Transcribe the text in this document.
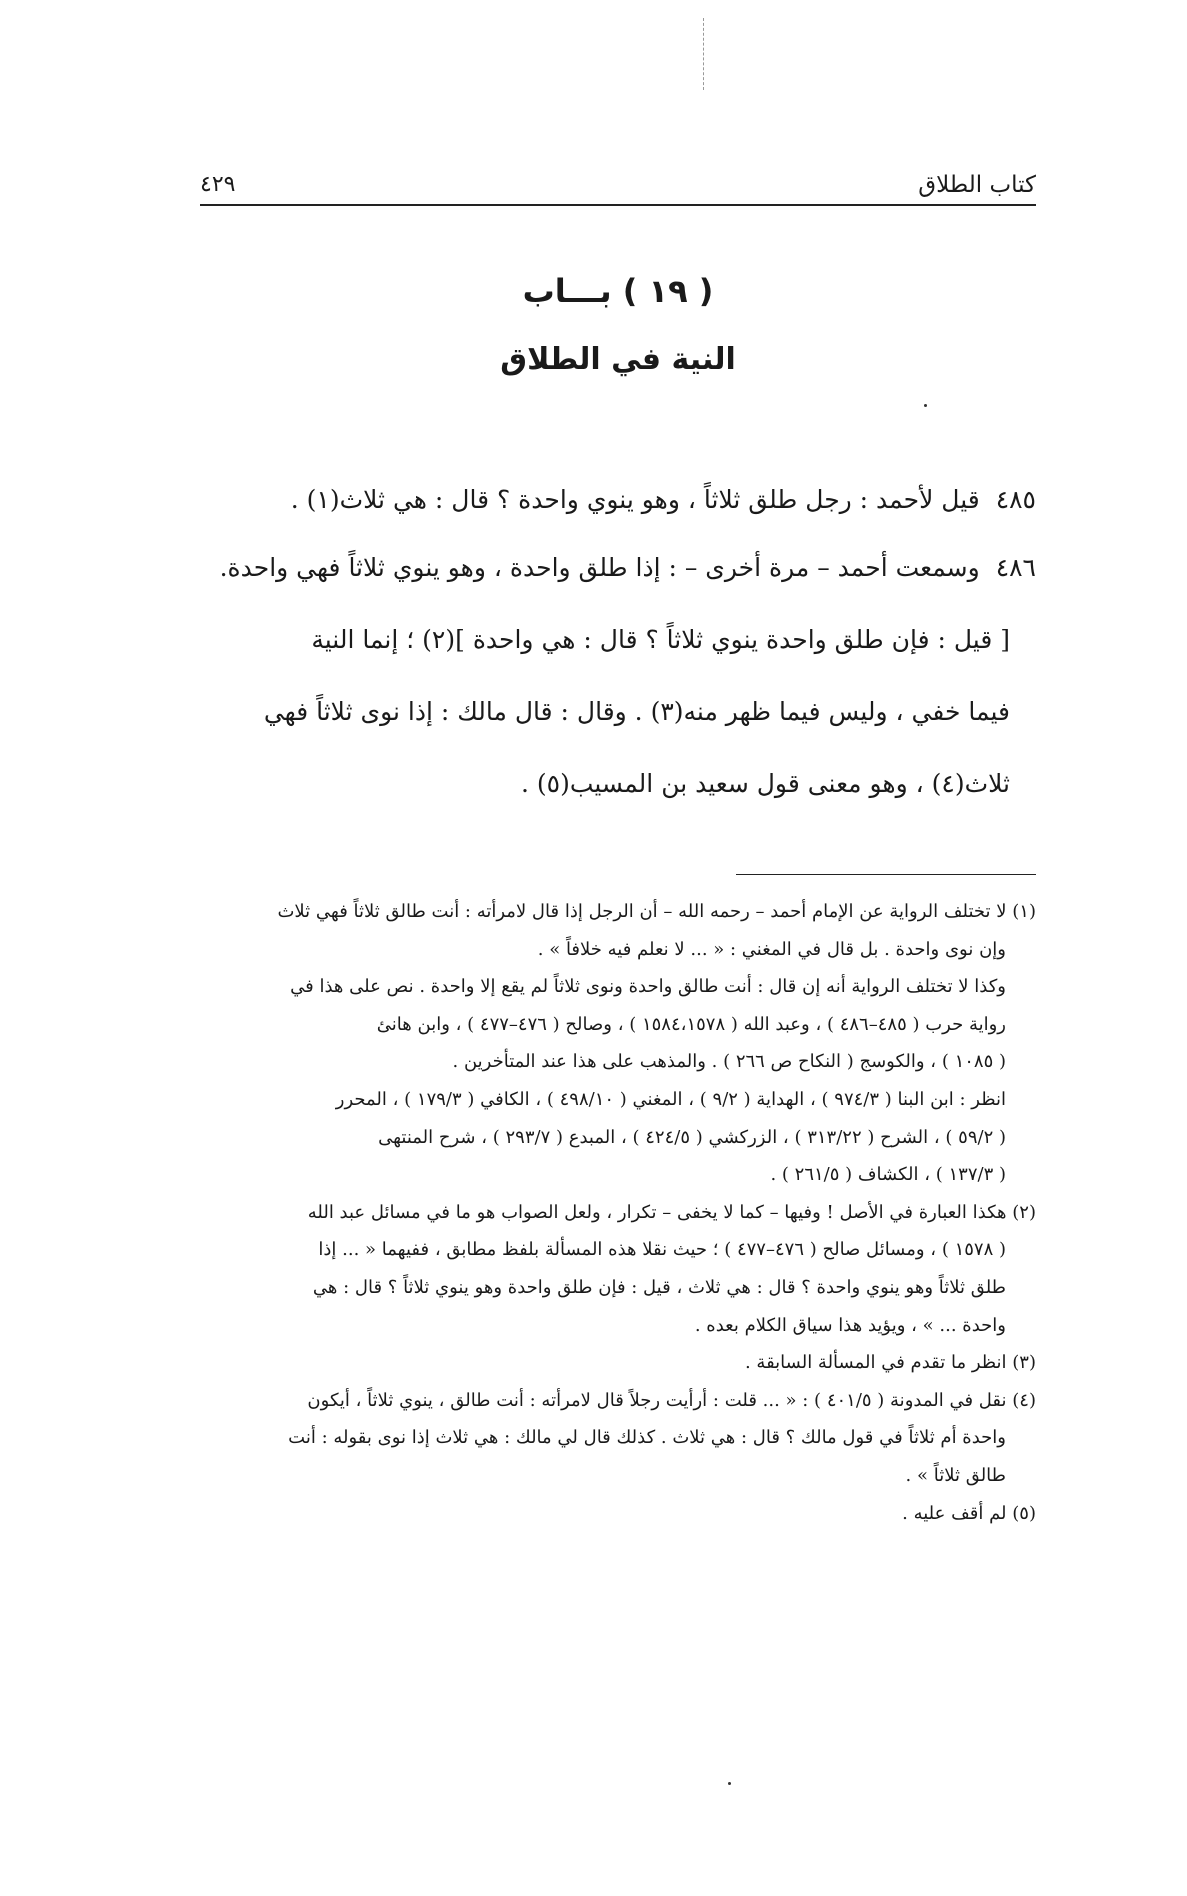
كتاب الطلاق
٤٢٩
( ١٩ ) بـــاب
النية في الطلاق
٤٨٥قيل لأحمد : رجل طلق ثلاثاً ، وهو ينوي واحدة ؟ قال : هي ثلاث(١) .
٤٨٦وسمعت أحمد – مرة أخرى – : إذا طلق واحدة ، وهو ينوي ثلاثاً فهي واحدة.
[ قيل : فإن طلق واحدة ينوي ثلاثاً ؟ قال : هي واحدة ](٢) ؛ إنما النية
فيما خفي ، وليس فيما ظهر منه(٣) . وقال : قال مالك : إذا نوى ثلاثاً فهي
ثلاث(٤) ، وهو معنى قول سعيد بن المسيب(٥) .
(١) لا تختلف الرواية عن الإمام أحمد – رحمه الله – أن الرجل إذا قال لامرأته : أنت طالق ثلاثاً فهي ثلاث
وإن نوى واحدة . بل قال في المغني : « ... لا نعلم فيه خلافاً » .
وكذا لا تختلف الرواية أنه إن قال : أنت طالق واحدة ونوى ثلاثاً لم يقع إلا واحدة . نص على هذا في
رواية حرب ( ٤٨٥–٤٨٦ ) ، وعبد الله ( ١٥٨٤،١٥٧٨ ) ، وصالح ( ٤٧٦–٤٧٧ ) ، وابن هانئ
( ١٠٨٥ ) ، والكوسج ( النكاح ص ٢٦٦ ) . والمذهب على هذا عند المتأخرين .
انظر : ابن البنا ( ٩٧٤/٣ ) ، الهداية ( ٩/٢ ) ، المغني ( ٤٩٨/١٠ ) ، الكافي ( ١٧٩/٣ ) ، المحرر
( ٥٩/٢ ) ، الشرح ( ٣١٣/٢٢ ) ، الزركشي ( ٤٢٤/٥ ) ، المبدع ( ٢٩٣/٧ ) ، شرح المنتهى
( ١٣٧/٣ ) ، الكشاف ( ٢٦١/٥ ) .
(٢) هكذا العبارة في الأصل ! وفيها – كما لا يخفى – تكرار ، ولعل الصواب هو ما في مسائل عبد الله
( ١٥٧٨ ) ، ومسائل صالح ( ٤٧٦–٤٧٧ ) ؛ حيث نقلا هذه المسألة بلفظ مطابق ، ففيهما « ... إذا
طلق ثلاثاً وهو ينوي واحدة ؟ قال : هي ثلاث ، قيل : فإن طلق واحدة وهو ينوي ثلاثاً ؟ قال : هي
واحدة ... » ، ويؤيد هذا سياق الكلام بعده .
(٣) انظر ما تقدم في المسألة السابقة .
(٤) نقل في المدونة ( ٤٠١/٥ ) : « ... قلت : أرأيت رجلاً قال لامرأته : أنت طالق ، ينوي ثلاثاً ، أيكون
واحدة أم ثلاثاً في قول مالك ؟ قال : هي ثلاث . كذلك قال لي مالك : هي ثلاث إذا نوى بقوله : أنت
طالق ثلاثاً » .
(٥) لم أقف عليه .
